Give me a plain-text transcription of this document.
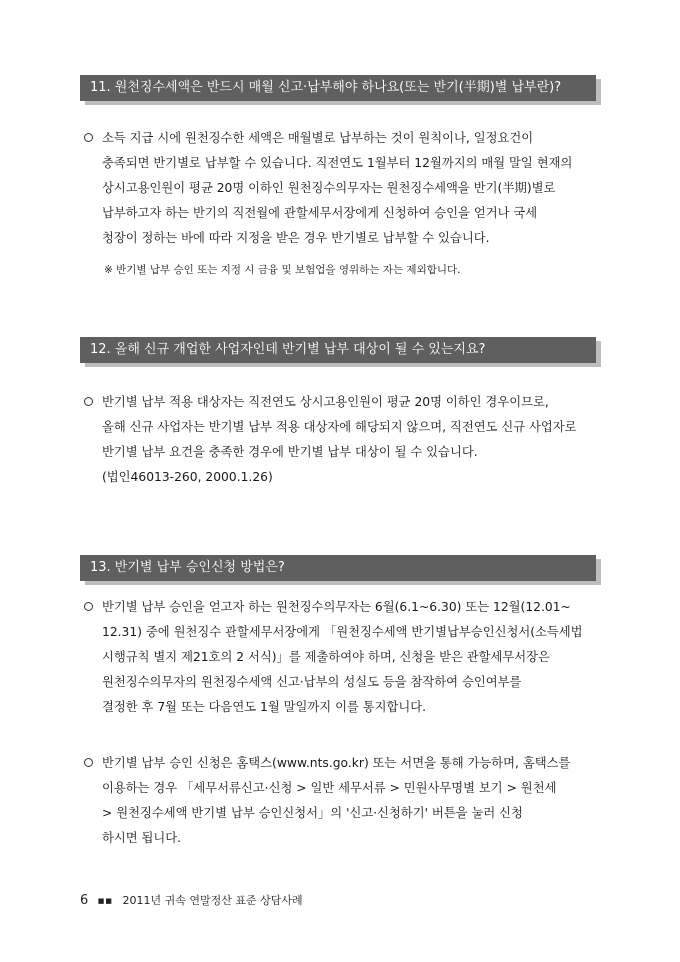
11. 원천징수세액은 반드시 매월 신고·납부해야 하나요(또는 반기(半期)별 납부란)?
소득 지급 시에 원천징수한 세액은 매월별로 납부하는 것이 원칙이나, 일정요건이
충족되면 반기별로 납부할 수 있습니다. 직전연도 1월부터 12월까지의 매월 말일 현재의
상시고용인원이 평균 20명 이하인 원천징수의무자는 원천징수세액을 반기(半期)별로
납부하고자 하는 반기의 직전월에 관할세무서장에게 신청하여 승인을 얻거나 국세
청장이 정하는 바에 따라 지정을 받은 경우 반기별로 납부할 수 있습니다.
※ 반기별 납부 승인 또는 지정 시 금융 및 보험업을 영위하는 자는 제외합니다.
12. 올해 신규 개업한 사업자인데 반기별 납부 대상이 될 수 있는지요?
반기별 납부 적용 대상자는 직전연도 상시고용인원이 평균 20명 이하인 경우이므로,
올해 신규 사업자는 반기별 납부 적용 대상자에 해당되지 않으며, 직전연도 신규 사업자로
반기별 납부 요건을 충족한 경우에 반기별 납부 대상이 될 수 있습니다.
(법인46013-260, 2000.1.26)
13. 반기별 납부 승인신청 방법은?
반기별 납부 승인을 얻고자 하는 원천징수의무자는 6월(6.1~6.30) 또는 12월(12.01~
12.31) 중에 원천징수 관할세무서장에게 「원천징수세액 반기별납부승인신청서(소득세법
시행규칙 별지 제21호의 2 서식)」를 제출하여야 하며, 신청을 받은 관할세무서장은
원천징수의무자의 원천징수세액 신고·납부의 성실도 등을 참작하여 승인여부를
결정한 후 7월 또는 다음연도 1월 말일까지 이를 통지합니다.
반기별 납부 승인 신청은 홈택스(www.nts.go.kr) 또는 서면을 통해 가능하며, 홈택스를
이용하는 경우 「세무서류신고·신청 > 일반 세무서류 > 민원사무명별 보기 > 원천세
> 원천징수세액 반기별 납부 승인신청서」의 '신고·신청하기' 버튼을 눌러 신청
하시면 됩니다.
6 ■■ 2011년 귀속 연말정산 표준 상담사례
